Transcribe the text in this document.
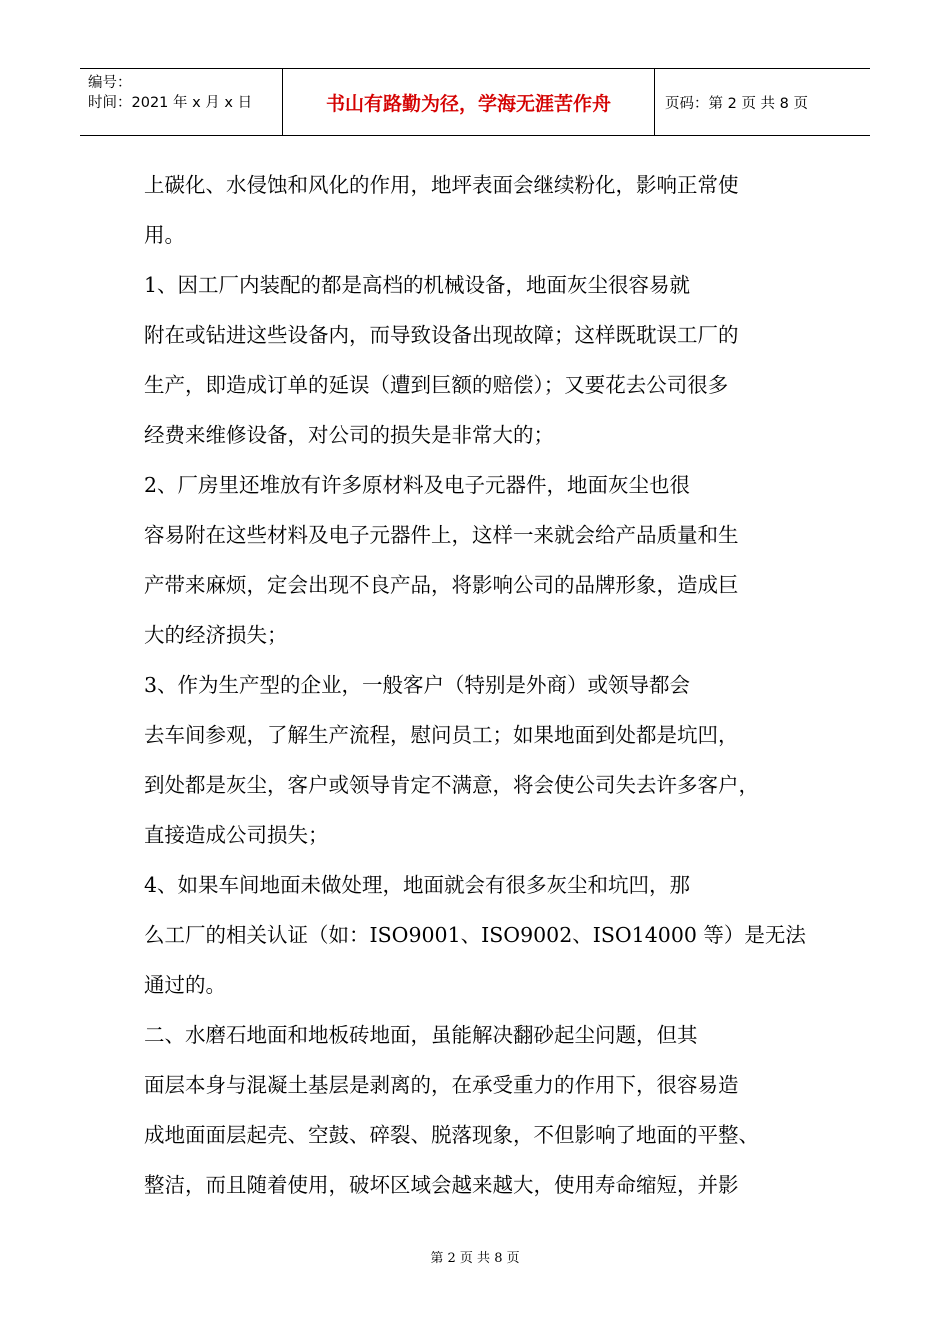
编号：
时间：2021 年 x 月 x 日	书山有路勤为径，学海无涯苦作舟	页码：第 2 页 共 8 页

上碳化、水侵蚀和风化的作用，地坪表面会继续粉化，影响正常使

用。

1、因工厂内装配的都是高档的机械设备，地面灰尘很容易就

附在或钻进这些设备内，而导致设备出现故障；这样既耽误工厂的

生产，即造成订单的延误（遭到巨额的赔偿）；又要花去公司很多

经费来维修设备，对公司的损失是非常大的；

2、厂房里还堆放有许多原材料及电子元器件，地面灰尘也很

容易附在这些材料及电子元器件上，这样一来就会给产品质量和生

产带来麻烦，定会出现不良产品，将影响公司的品牌形象，造成巨

大的经济损失；

3、作为生产型的企业，一般客户（特别是外商）或领导都会

去车间参观，了解生产流程，慰问员工；如果地面到处都是坑凹，

到处都是灰尘，客户或领导肯定不满意，将会使公司失去许多客户，

直接造成公司损失；

4、如果车间地面未做处理，地面就会有很多灰尘和坑凹，那

么工厂的相关认证（如：ISO9001、ISO9002、ISO14000 等）是无法

通过的。

二、水磨石地面和地板砖地面，虽能解决翻砂起尘问题，但其

面层本身与混凝土基层是剥离的，在承受重力的作用下，很容易造

成地面面层起壳、空鼓、碎裂、脱落现象，不但影响了地面的平整、

整洁，而且随着使用，破坏区域会越来越大，使用寿命缩短，并影

第 2 页 共 8 页
